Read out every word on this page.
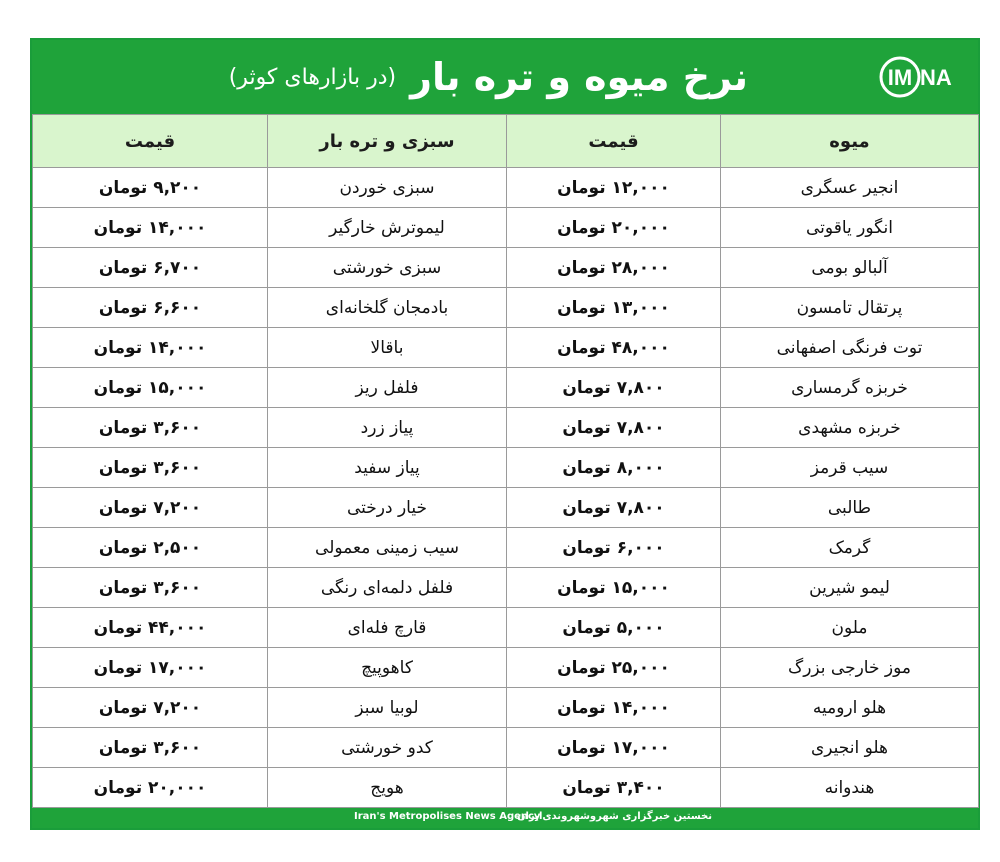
نرخ میوه و تره بار
(در بازارهای کوثر)	IM NA
میوه	قیمت	سبزی و تره بار	قیمت
انجیر عسگری	۱۲,۰۰۰ تومان	سبزی خوردن	۹,۲۰۰ تومان
انگور یاقوتی	۲۰,۰۰۰ تومان	لیموترش خارگیر	۱۴,۰۰۰ تومان
آلبالو بومی	۲۸,۰۰۰ تومان	سبزی خورشتی	۶,۷۰۰ تومان
پرتقال تامسون	۱۳,۰۰۰ تومان	بادمجان گلخانه‌ای	۶,۶۰۰ تومان
توت فرنگی اصفهانی	۴۸,۰۰۰ تومان	باقالا	۱۴,۰۰۰ تومان
خربزه گرمساری	۷,۸۰۰ تومان	فلفل ریز	۱۵,۰۰۰ تومان
خربزه مشهدی	۷,۸۰۰ تومان	پیاز زرد	۳,۶۰۰ تومان
سیب قرمز	۸,۰۰۰ تومان	پیاز سفید	۳,۶۰۰ تومان
طالبی	۷,۸۰۰ تومان	خیار درختی	۷,۲۰۰ تومان
گرمک	۶,۰۰۰ تومان	سیب زمینی معمولی	۲,۵۰۰ تومان
لیمو شیرین	۱۵,۰۰۰ تومان	فلفل دلمه‌ای رنگی	۳,۶۰۰ تومان
ملون	۵,۰۰۰ تومان	قارچ فله‌ای	۴۴,۰۰۰ تومان
موز خارجی بزرگ	۲۵,۰۰۰ تومان	کاهوپیچ	۱۷,۰۰۰ تومان
هلو ارومیه	۱۴,۰۰۰ تومان	لوبیا سبز	۷,۲۰۰ تومان
هلو انجیری	۱۷,۰۰۰ تومان	کدو خورشتی	۳,۶۰۰ تومان
هندوانه	۳,۴۰۰ تومان	هویج	۲۰,۰۰۰ تومان
نخستین خبرگزاری شهروشهروندی‌ایران
Iran's Metropolises News Agency
